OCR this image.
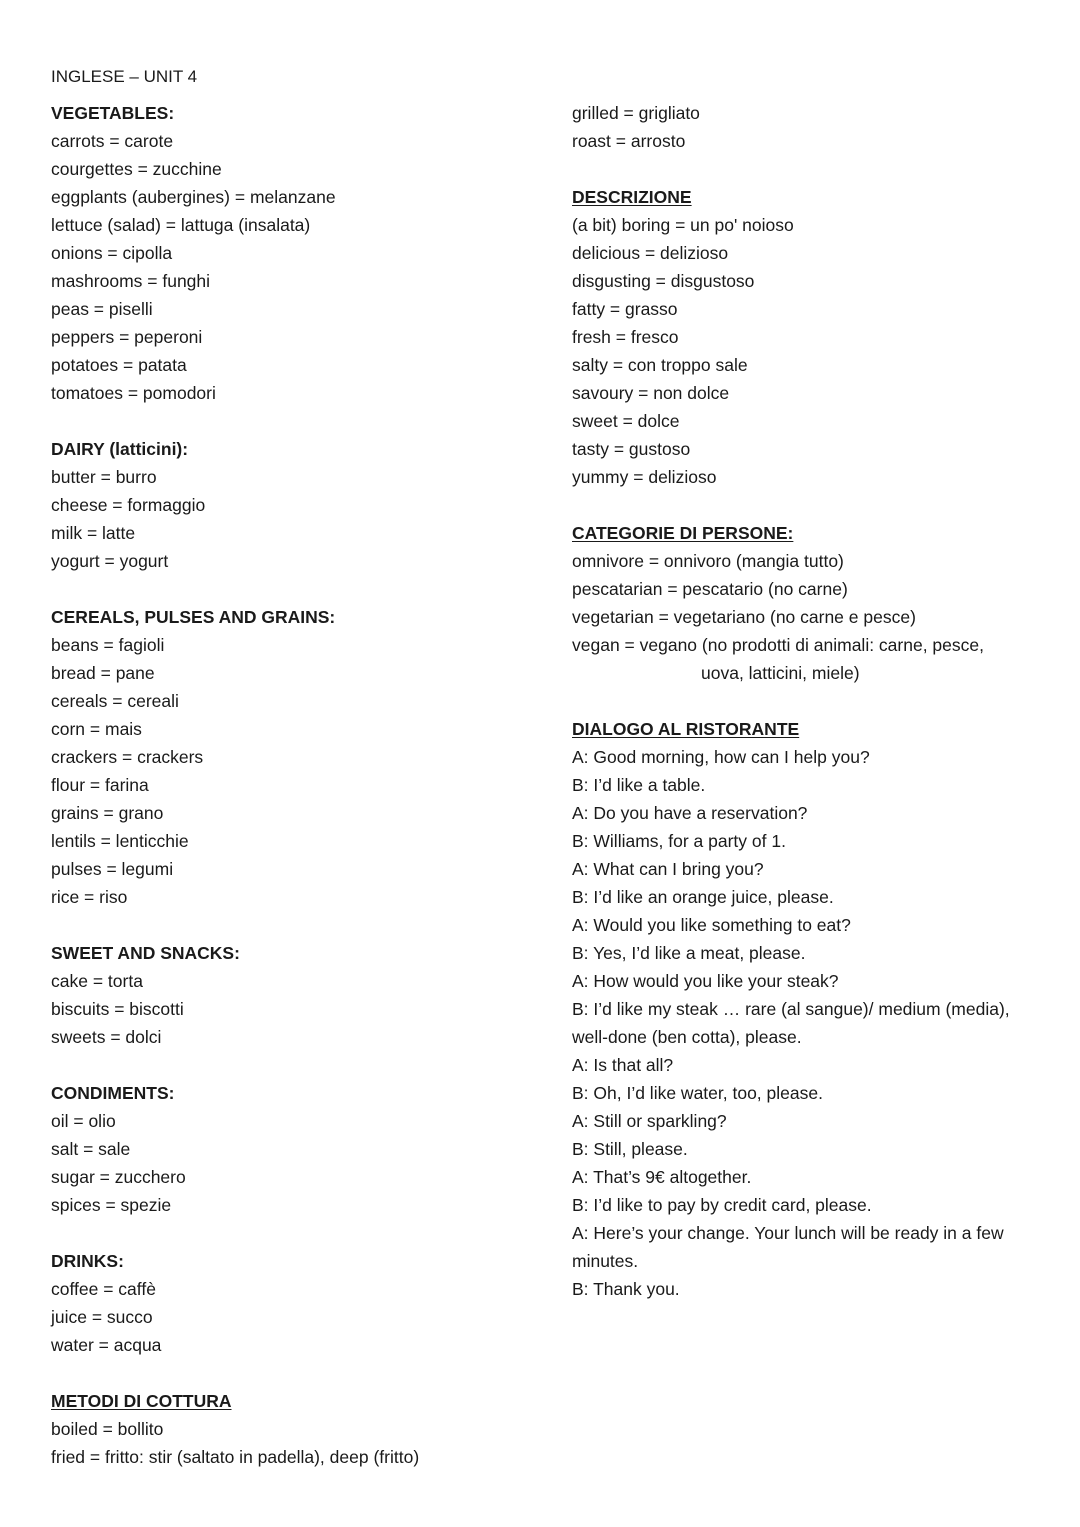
INGLESE – UNIT 4
VEGETABLES:
carrots = carote
courgettes = zucchine
eggplants (aubergines) = melanzane
lettuce (salad) = lattuga (insalata)
onions = cipolla
mashrooms = funghi
peas = piselli
peppers = peperoni
potatoes = patata
tomatoes = pomodori
DAIRY (latticini):
butter = burro
cheese = formaggio
milk = latte
yogurt = yogurt
CEREALS, PULSES AND GRAINS:
beans = fagioli
bread = pane
cereals = cereali
corn = mais
crackers = crackers
flour = farina
grains = grano
lentils = lenticchie
pulses = legumi
rice = riso
SWEET AND SNACKS:
cake = torta
biscuits = biscotti
sweets = dolci
CONDIMENTS:
oil = olio
salt = sale
sugar = zucchero
spices = spezie
DRINKS:
coffee = caffè
juice = succo
water = acqua
METODI DI COTTURA
boiled = bollito
fried = fritto: stir (saltato in padella), deep (fritto)
grilled = grigliato
roast = arrosto
DESCRIZIONE
(a bit) boring = un po' noioso
delicious = delizioso
disgusting = disgustoso
fatty = grasso
fresh = fresco
salty = con troppo sale
savoury = non dolce
sweet = dolce
tasty = gustoso
yummy = delizioso
CATEGORIE DI PERSONE:
omnivore = onnivoro (mangia tutto)
pescatarian = pescatario (no carne)
vegetarian = vegetariano (no carne e pesce)
vegan = vegano (no prodotti di animali: carne, pesce,
uova, latticini, miele)
DIALOGO AL RISTORANTE
A: Good morning, how can I help you?
B: I’d like a table.
A: Do you have a reservation?
B: Williams, for a party of 1.
A: What can I bring you?
B: I’d like an orange juice, please.
A: Would you like something to eat?
B: Yes, I’d like a meat, please.
A: How would you like your steak?
B: I’d like my steak … rare (al sangue)/ medium (media),
well-done (ben cotta), please.
A: Is that all?
B: Oh, I’d like water, too, please.
A: Still or sparkling?
B: Still, please.
A: That’s 9€ altogether.
B: I’d like to pay by credit card, please.
A: Here’s your change. Your lunch will be ready in a few
minutes.
B: Thank you.
